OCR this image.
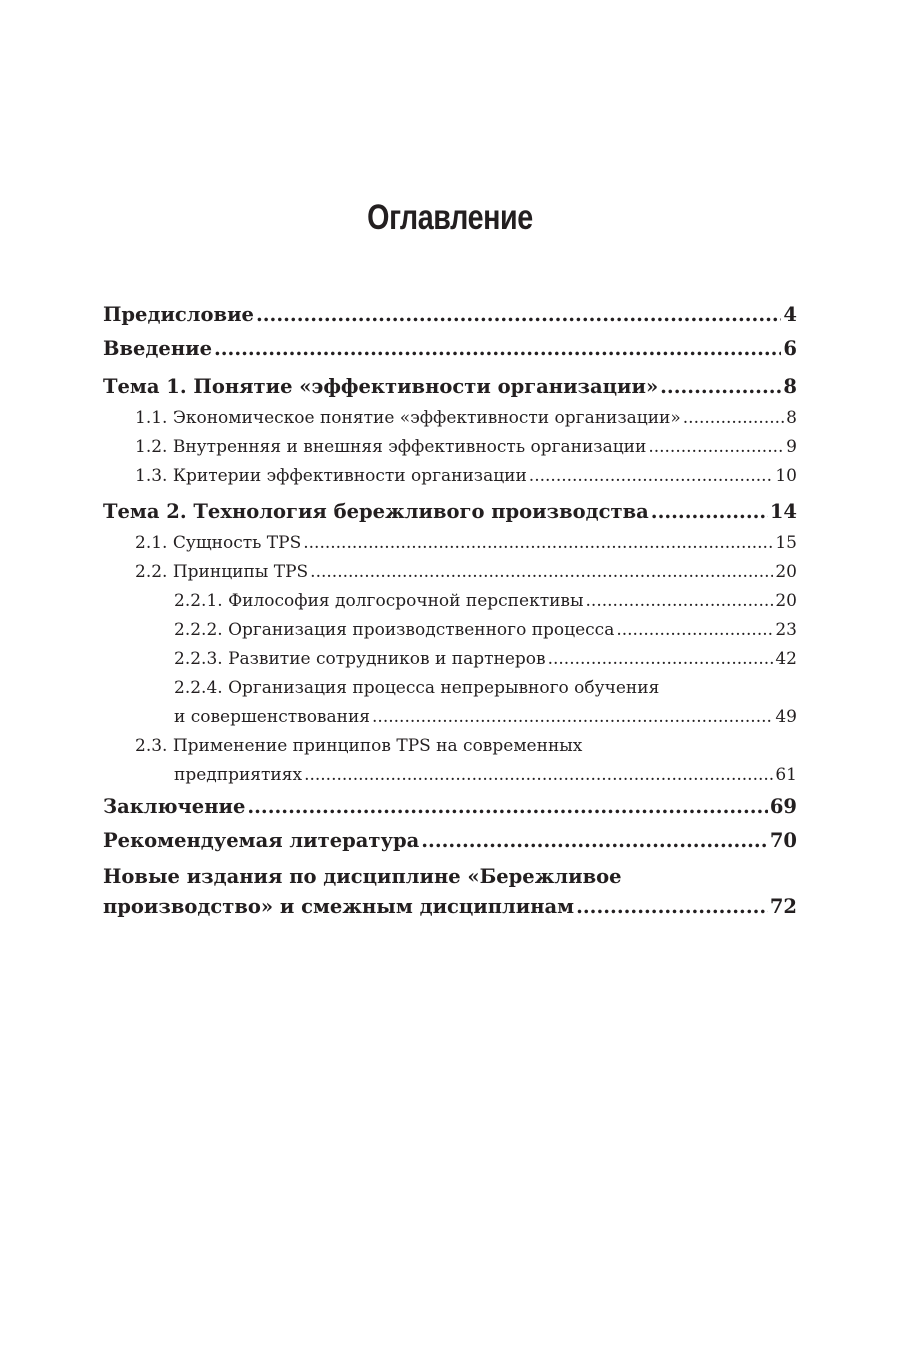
Оглавление
Предисловие .....	4
Введение .....	6
Тема 1. Понятие «эффективности организации» .....	8
1.1. Экономическое понятие «эффективности организации» .....	8
1.2. Внутренняя и внешняя эффективность организации .....	9
1.3. Критерии эффективности организации .....	10
Тема 2. Технология бережливого производства .....	14
2.1. Сущность TPS .....	15
2.2. Принципы TPS .....	20
2.2.1. Философия долгосрочной перспективы .....	20
2.2.2. Организация производственного процесса .....	23
2.2.3. Развитие сотрудников и партнеров .....	42
2.2.4. Организация процесса непрерывного обучения
и совершенствования .....	49
2.3. Применение принципов TPS на современных
предприятиях .....	61
Заключение .....	69
Рекомендуемая литература .....	70
Новые издания по дисциплине «Бережливое
производство» и смежным дисциплинам .....	72
